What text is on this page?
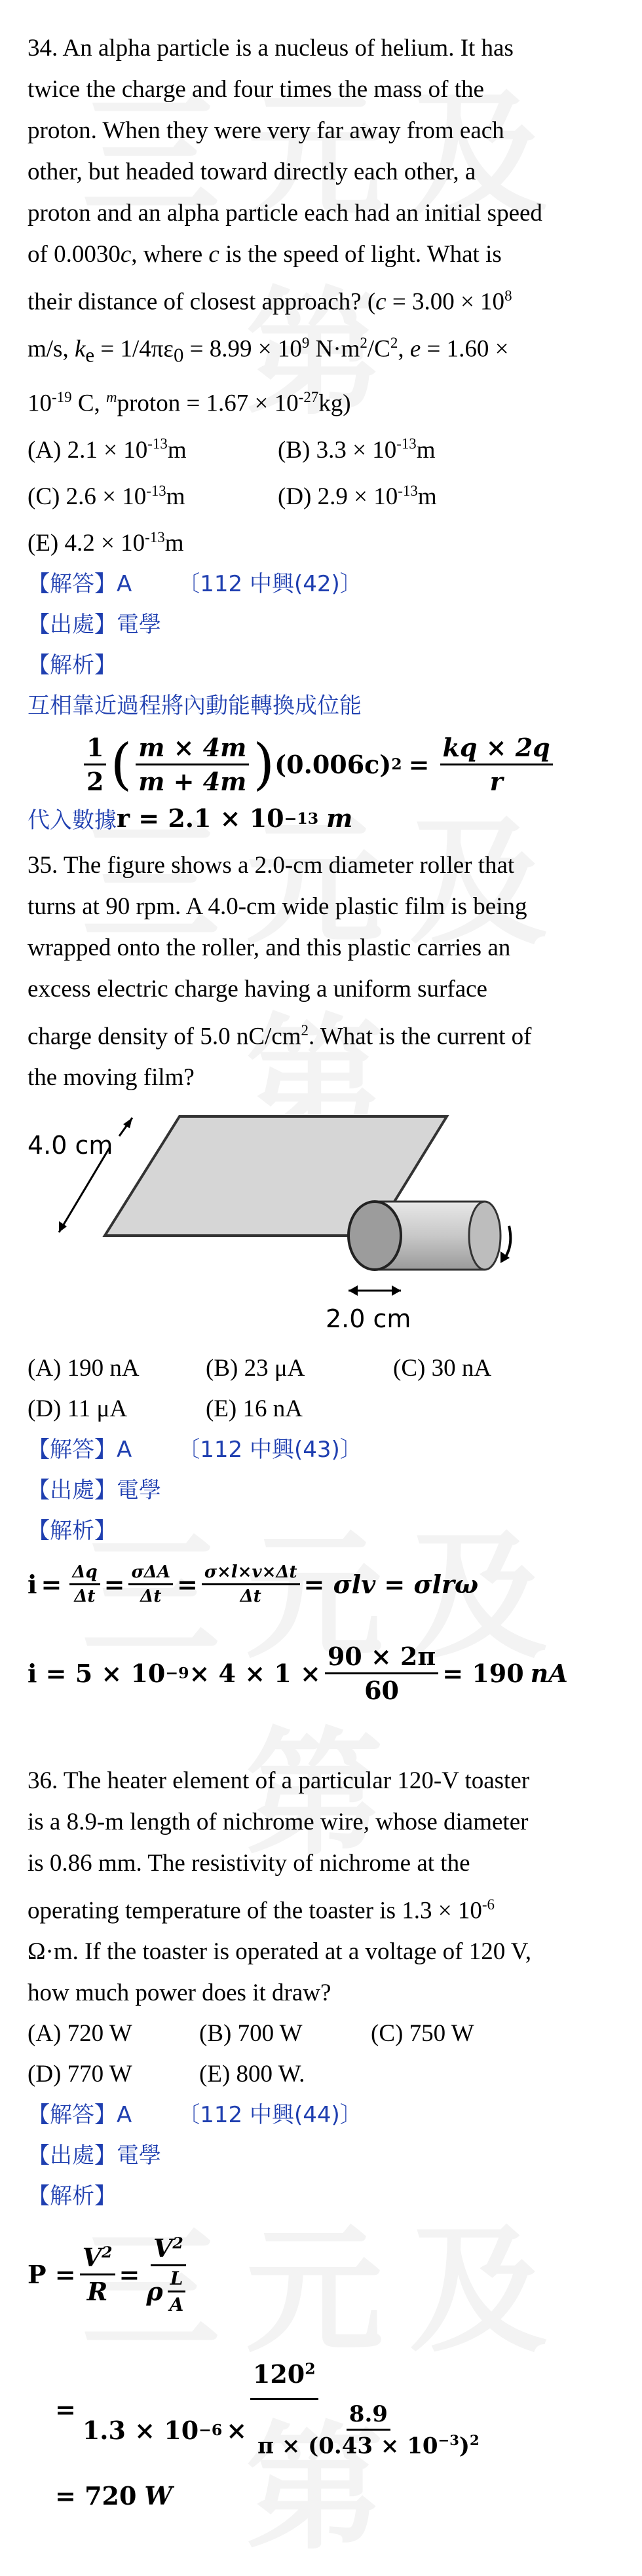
34. An alpha particle is a nucleus of helium. It has

twice the charge and four times the mass of the

proton. When they were very far away from each

other, but headed toward directly each other, a

proton and an alpha particle each had an initial speed

of 0.0030c, where c is the speed of light. What is

their distance of closest approach? ($c = 3.00 \times 10^8$

m/s, $k_e = 1/4\pi\varepsilon_0 = 8.99 \times 10^9$ $N\cdot m^2/C^2$, e = 1.60 ×

$10^{-19}$ C, $^m$proton = $1.67 \times 10^{-27}kg$)

(A) $2.1 \times 10^{-13}m$	(B) $3.3 \times 10^{-13}m$
(C) $2.6 \times 10^{-13}m$	(D) $2.9 \times 10^{-13}m$
(E) $4.2 \times 10^{-13}m$
【解答】A 〔112 中興(42)〕
【出處】電學
【解析】
互相靠近過程將內動能轉換成位能
$\frac{1}{2}$ ( $\frac{m \times 4m}{m + 4m}$ ) (0.006c) $2 = \frac{kq \times 2q}{r}$
代入數據 r = 2.1 × 10 −13 m

35. The figure shows a 2.0-cm diameter roller that

turns at 90 rpm. A 4.0-cm wide plastic film is being

wrapped onto the roller, and this plastic carries an

excess electric charge having a uniform surface

charge density of 5.0 $nC/cm^2$. What is the current of

the moving film?

4.0 cm
2.0 cm
(A) 190 nA	(B) 23 μA	(C) 30 nA
(D) 11 μA	(E) 16 nA
【解答】A 〔112 中興(43)〕
【出處】電學
【解析】
$i = \frac{\Delta q}{\Delta t} = \frac{\text{σΔA}}{\Delta t} = \frac{\sigma\times l\times v\times\Delta t}{\Delta t} = \sigma lv = \sigma lr\omega$
$i = 5 \times 10 -9 \times 4 \times 1 \times \frac{90 \times 2\pi}{60} = 190$ nA

36. The heater element of a particular 120-V toaster

is a 8.9-m length of nichrome wire, whose diameter

is 0.86 mm. The resistivity of nichrome at the

operating temperature of the toaster is $1.3 \times 10^{-6}$

Ω·m. If the toaster is operated at a voltage of 120 V,

how much power does it draw?

(A) 720 W	(B) 700 W	(C) 750 W
(D) 770 W	(E) 800 W.
【解答】A 〔112 中興(44)〕
【出處】電學
【解析】
$P = \frac{V^2}{R} = \frac{V^2}{\rho \frac{L}{A}}$
= $\frac{120^2}{1.3 \times 10 -6 \times \frac{8.9}{\pi \times (0.43 \times 10^{-3})^2}}$
= 720 W
